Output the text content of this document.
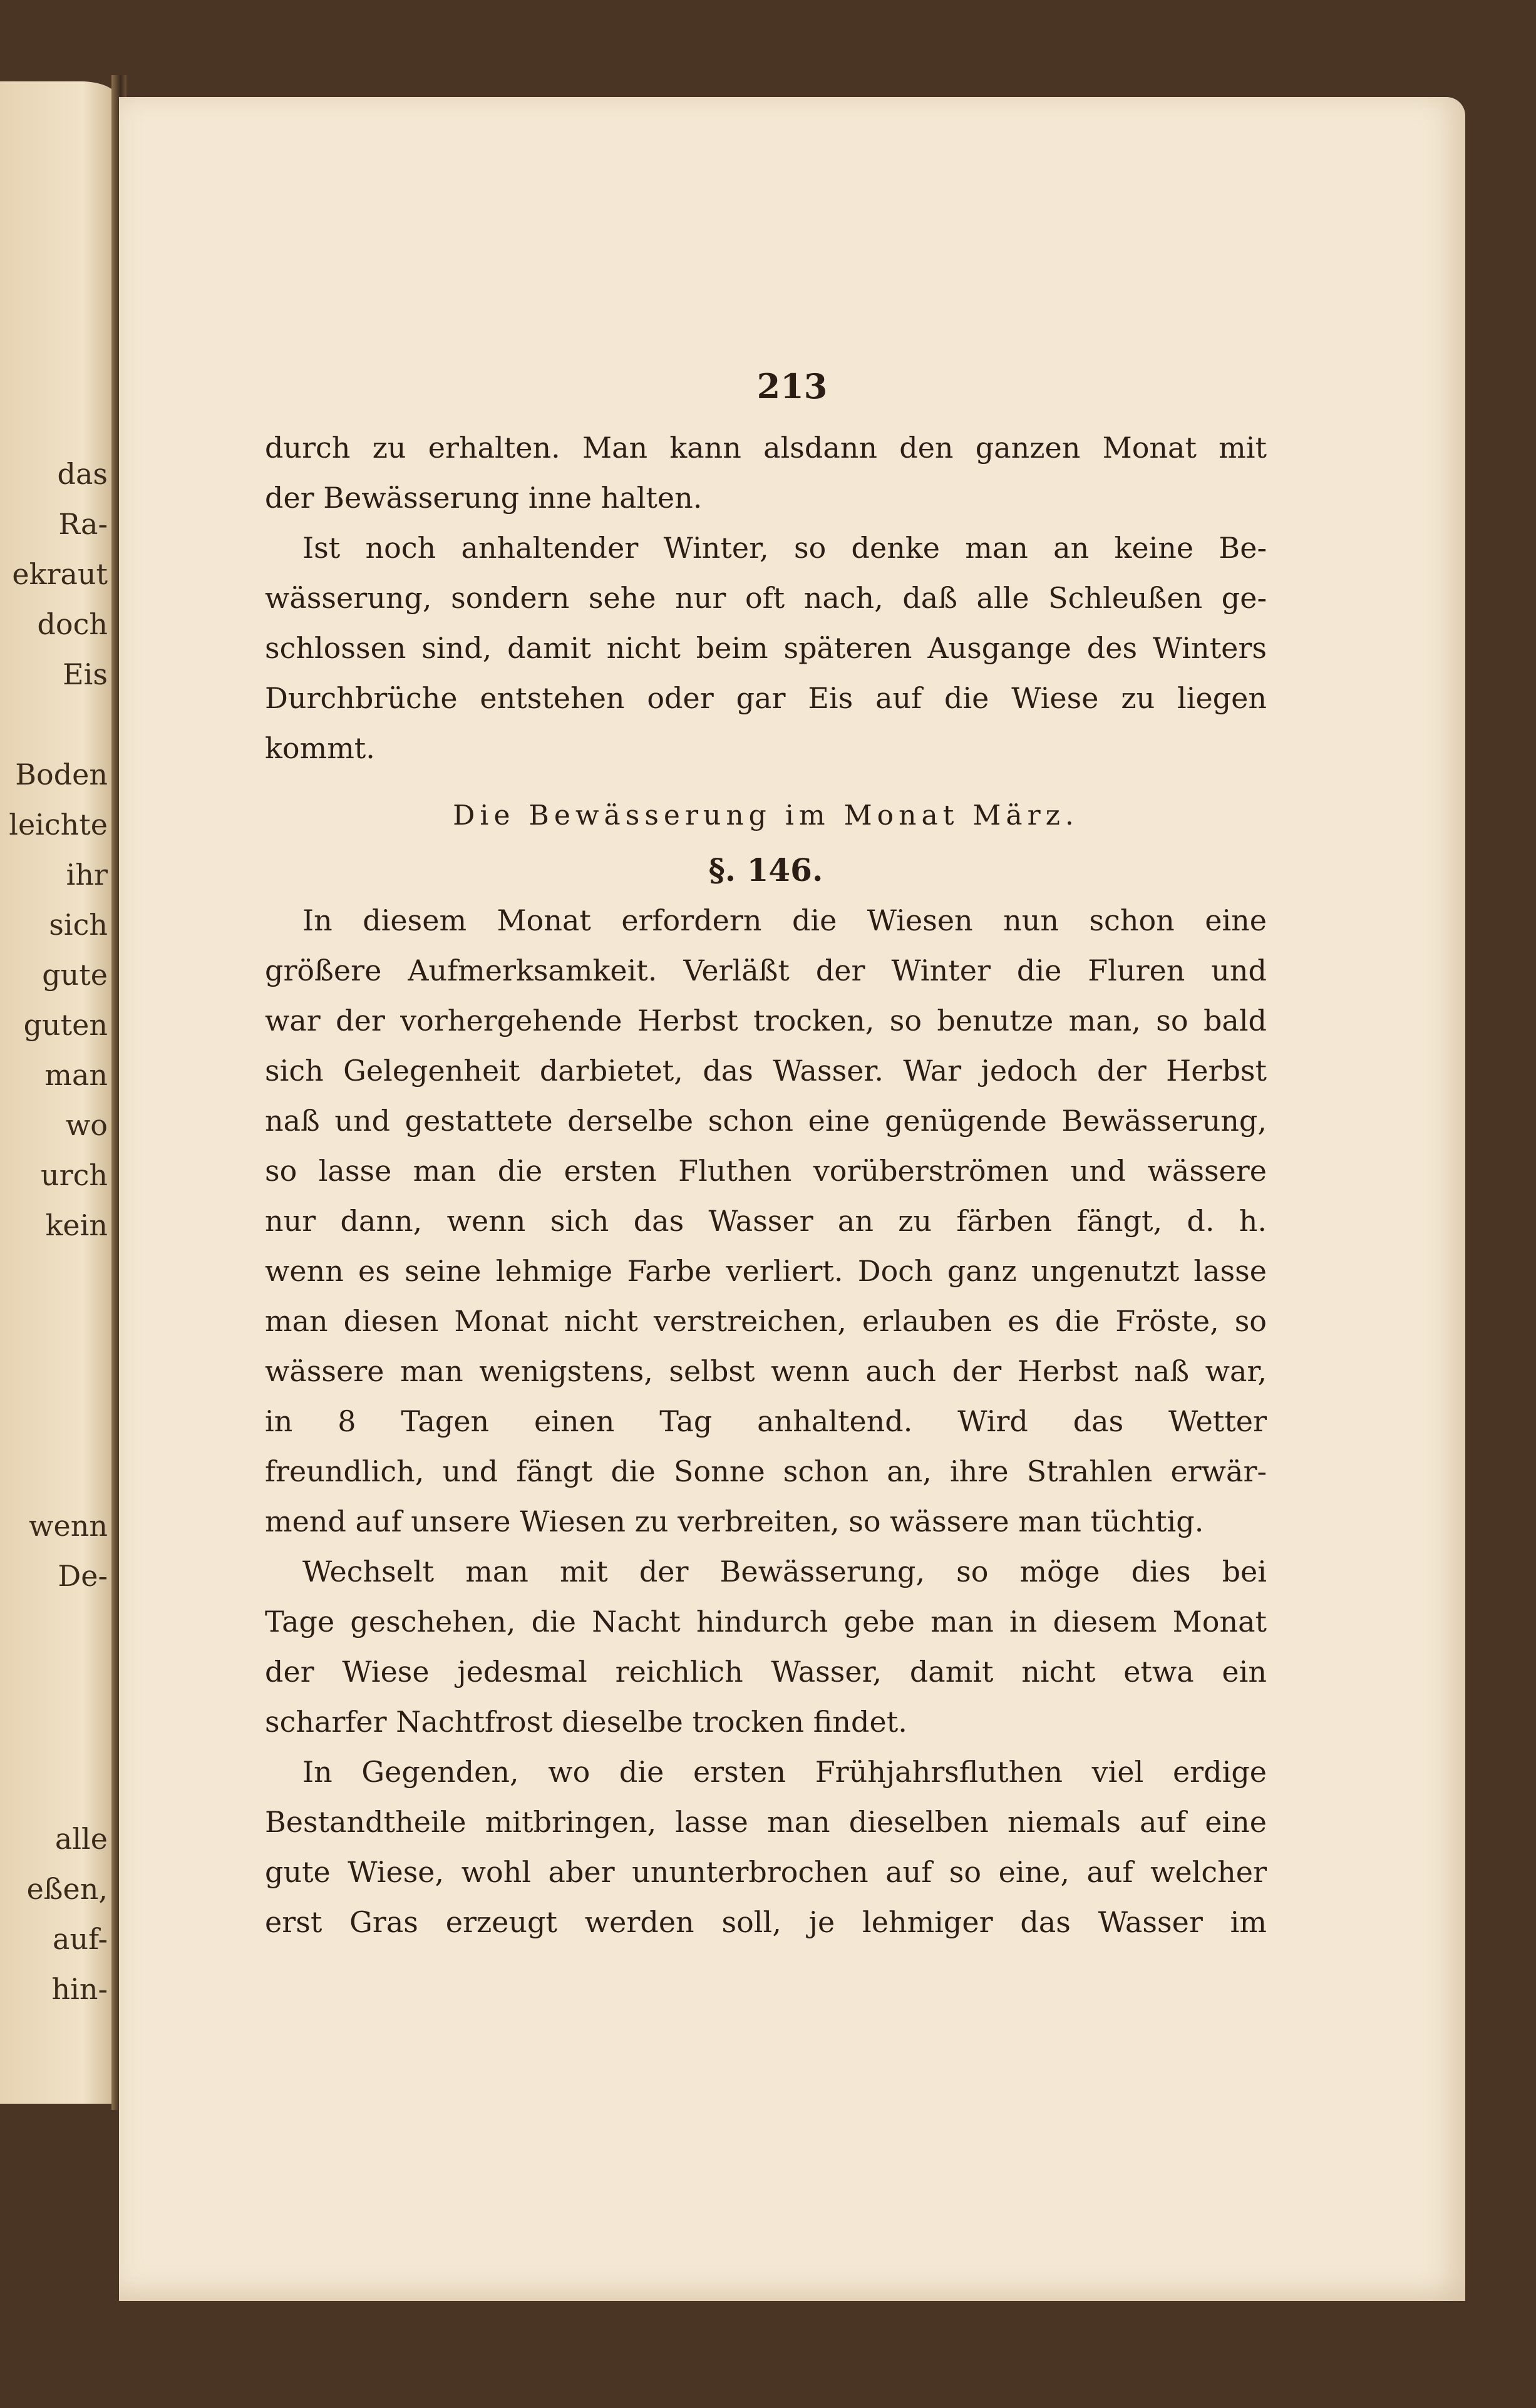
das
Ra-
ekraut
doch
Eis
Boden
leichte
ihr
sich
gute
guten
man
wo
urch
kein
wenn
De-
alle
eßen,
auf-
hin-
213
durch zu erhalten. Man kann alsdann den ganzen Monat mit
der Bewässerung inne halten.
Ist noch anhaltender Winter, so denke man an keine Be-
wässerung, sondern sehe nur oft nach, daß alle Schleußen ge-
schlossen sind, damit nicht beim späteren Ausgange des Winters
Durchbrüche entstehen oder gar Eis auf die Wiese zu liegen
kommt.
Die Bewässerung im Monat März.
§. 146.
In diesem Monat erfordern die Wiesen nun schon eine
größere Aufmerksamkeit. Verläßt der Winter die Fluren und
war der vorhergehende Herbst trocken, so benutze man, so bald
sich Gelegenheit darbietet, das Wasser. War jedoch der Herbst
naß und gestattete derselbe schon eine genügende Bewässerung,
so lasse man die ersten Fluthen vorüberströmen und wässere
nur dann, wenn sich das Wasser an zu färben fängt, d. h.
wenn es seine lehmige Farbe verliert. Doch ganz ungenutzt lasse
man diesen Monat nicht verstreichen, erlauben es die Fröste, so
wässere man wenigstens, selbst wenn auch der Herbst naß war,
in 8 Tagen einen Tag anhaltend. Wird das Wetter
freundlich, und fängt die Sonne schon an, ihre Strahlen erwär-
mend auf unsere Wiesen zu verbreiten, so wässere man tüchtig.
Wechselt man mit der Bewässerung, so möge dies bei
Tage geschehen, die Nacht hindurch gebe man in diesem Monat
der Wiese jedesmal reichlich Wasser, damit nicht etwa ein
scharfer Nachtfrost dieselbe trocken findet.
In Gegenden, wo die ersten Frühjahrsfluthen viel erdige
Bestandtheile mitbringen, lasse man dieselben niemals auf eine
gute Wiese, wohl aber ununterbrochen auf so eine, auf welcher
erst Gras erzeugt werden soll, je lehmiger das Wasser im
